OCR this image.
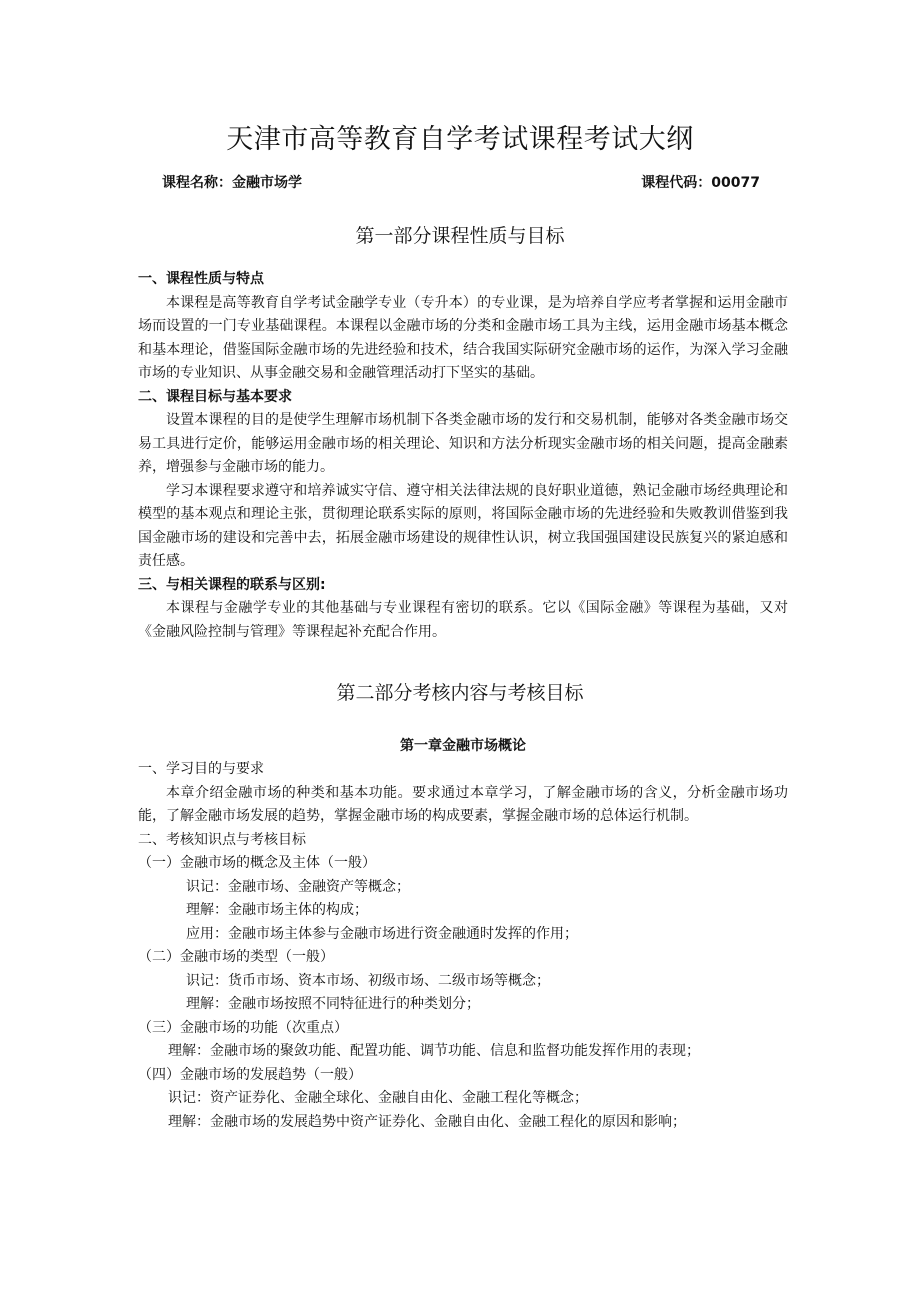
天津市高等教育自学考试课程考试大纲
课程名称：金融市场学	课程代码：00077
第一部分课程性质与目标

一、课程性质与特点

本课程是高等教育自学考试金融学专业（专升本）的专业课，是为培养自学应考者掌握和运用金融市场而设置的一门专业基础课程。本课程以金融市场的分类和金融市场工具为主线，运用金融市场基本概念和基本理论，借鉴国际金融市场的先进经验和技术，结合我国实际研究金融市场的运作，为深入学习金融市场的专业知识、从事金融交易和金融管理活动打下坚实的基础。

二、课程目标与基本要求

设置本课程的目的是使学生理解市场机制下各类金融市场的发行和交易机制，能够对各类金融市场交易工具进行定价，能够运用金融市场的相关理论、知识和方法分析现实金融市场的相关问题，提高金融素养，增强参与金融市场的能力。

学习本课程要求遵守和培养诚实守信、遵守相关法律法规的良好职业道德，熟记金融市场经典理论和模型的基本观点和理论主张，贯彻理论联系实际的原则，将国际金融市场的先进经验和失败教训借鉴到我国金融市场的建设和完善中去，拓展金融市场建设的规律性认识，树立我国强国建设民族复兴的紧迫感和责任感。

三、与相关课程的联系与区别:

本课程与金融学专业的其他基础与专业课程有密切的联系。它以《国际金融》等课程为基础，又对《金融风险控制与管理》等课程起补充配合作用。

第二部分考核内容与考核目标

第一章金融市场概论

一、学习目的与要求

本章介绍金融市场的种类和基本功能。要求通过本章学习，了解金融市场的含义，分析金融市场功能，了解金融市场发展的趋势，掌握金融市场的构成要素，掌握金融市场的总体运行机制。

二、考核知识点与考核目标

（一）金融市场的概念及主体（一般）

识记：金融市场、金融资产等概念；

理解：金融市场主体的构成；

应用：金融市场主体参与金融市场进行资金融通时发挥的作用；

（二）金融市场的类型（一般）

识记：货币市场、资本市场、初级市场、二级市场等概念；

理解：金融市场按照不同特征进行的种类划分；

（三）金融市场的功能（次重点）

理解：金融市场的聚敛功能、配置功能、调节功能、信息和监督功能发挥作用的表现；

（四）金融市场的发展趋势（一般）

识记：资产证券化、金融全球化、金融自由化、金融工程化等概念；

理解：金融市场的发展趋势中资产证券化、金融自由化、金融工程化的原因和影响；
